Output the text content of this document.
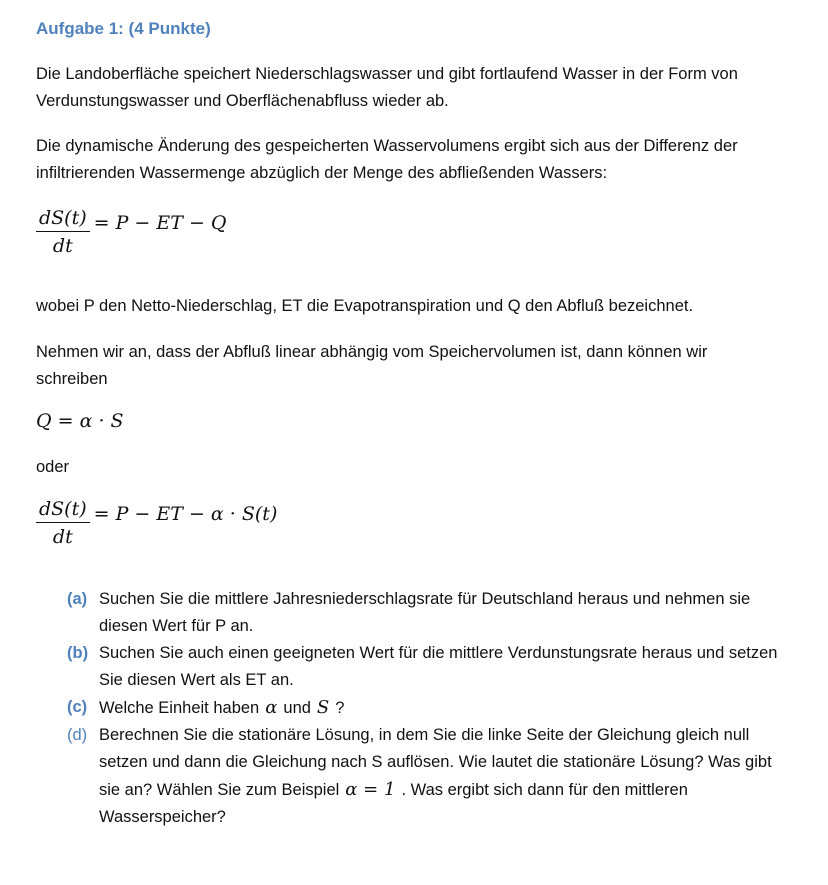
Aufgabe 1: (4 Punkte)

Die Landoberfläche speichert Niederschlagswasser und gibt fortlaufend Wasser in der Form von
Verdunstungswasser und Oberflächenabfluss wieder ab.

Die dynamische Änderung des gespeicherten Wasservolumens ergibt sich aus der Differenz der
infiltrierenden Wassermenge abzüglich der Menge des abfließenden Wassers:

$\frac{dS(t)}{dt} = P$ − ET − Q

wobei P den Netto-Niederschlag, ET die Evapotranspiration und Q den Abfluß bezeichnet.

Nehmen wir an, dass der Abfluß linear abhängig vom Speichervolumen ist, dann können wir
schreiben

Q = α · S

oder

$\frac{dS(t)}{dt} = P$ − ET − α · S(t)
(a) Suchen Sie die mittlere Jahresniederschlagsrate für Deutschland heraus und nehmen sie
diesen Wert für P an.
(b) Suchen Sie auch einen geeigneten Wert für die mittlere Verdunstungsrate heraus und setzen
Sie diesen Wert als ET an.
(c) Welche Einheit haben α und S ?
(d) Berechnen Sie die stationäre Lösung, in dem Sie die linke Seite der Gleichung gleich null
setzen und dann die Gleichung nach S auflösen. Wie lautet die stationäre Lösung? Was gibt
sie an? Wählen Sie zum Beispiel α = 1 . Was ergibt sich dann für den mittleren
Wasserspeicher?
